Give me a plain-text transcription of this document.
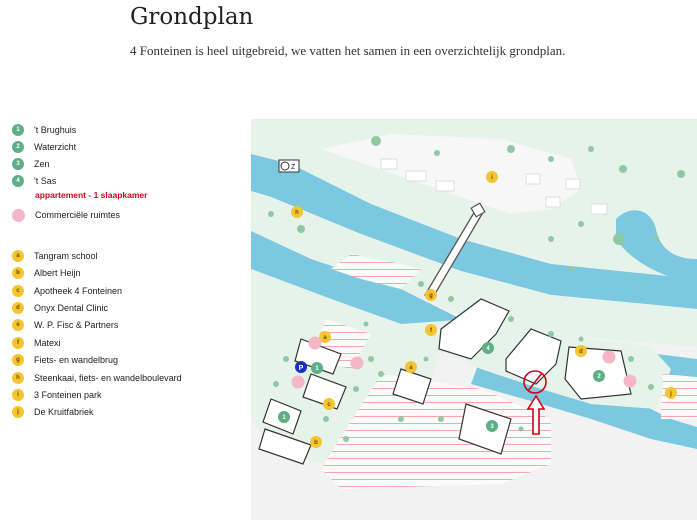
Grondplan

4 Fonteinen is heel uitgebreid, we vatten het samen in een overzichtelijk grondplan.

1	't Brughuis
2	Waterzicht
3	Zen
4	't Sas
Commerciële ruimtes
a	Tangram school
b	Albert Heijn
c	Apotheek 4 Fonteinen
d	Onyx Dental Clinic
e	W. P. Fisc & Partners
f	Matexi
g	Fiets- en wandelbrug
h	Steenkaai, fiets- en wandelboulevard
i	3 Fonteinen park
j	De Kruitfabriek
appartement - 1 slaapkamer
Z
4
2
3
1
1
i
h
g
f
d
j
a
a
c
b
P
